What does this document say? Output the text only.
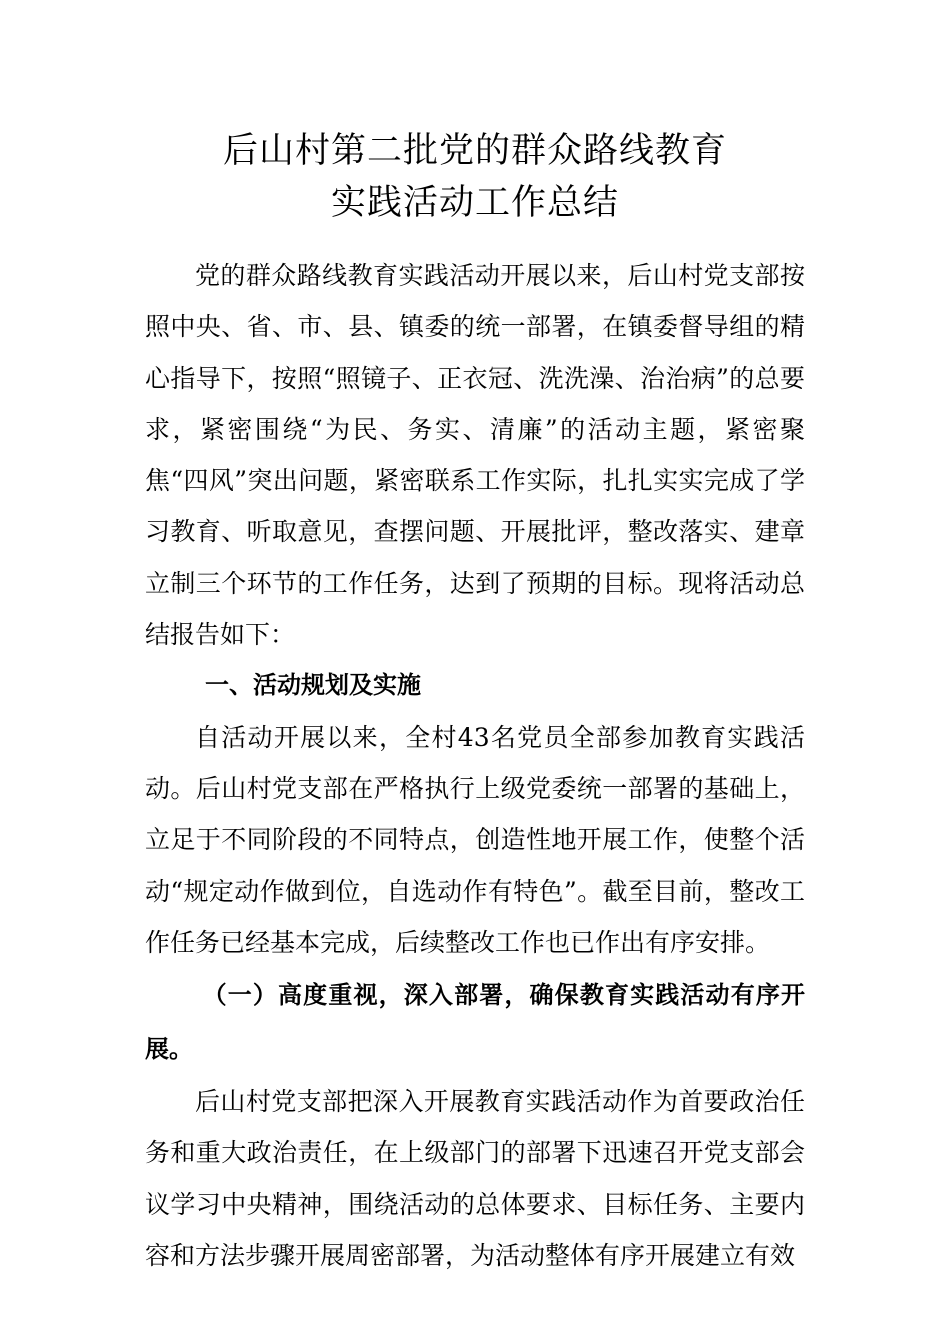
后山村第二批党的群众路线教育
实践活动工作总结

党的群众路线教育实践活动开展以来，后山村党支部按照中央、省、市、县、镇委的统一部署，在镇委督导组的精心指导下，按照“照镜子、正衣冠、洗洗澡、治治病”的总要求，紧密围绕“为民、务实、清廉”的活动主题，紧密聚焦“四风”突出问题，紧密联系工作实际，扎扎实实完成了学习教育、听取意见，查摆问题、开展批评，整改落实、建章立制三个环节的工作任务，达到了预期的目标。现将活动总结报告如下：

一、活动规划及实施

自活动开展以来，全村43名党员全部参加教育实践活动。后山村党支部在严格执行上级党委统一部署的基础上，立足于不同阶段的不同特点，创造性地开展工作，使整个活动“规定动作做到位，自选动作有特色”。截至目前，整改工作任务已经基本完成，后续整改工作也已作出有序安排。

（一）高度重视，深入部署，确保教育实践活动有序开展。

后山村党支部把深入开展教育实践活动作为首要政治任务和重大政治责任，在上级部门的部署下迅速召开党支部会议学习中央精神，围绕活动的总体要求、目标任务、主要内容和方法步骤开展周密部署，为活动整体有序开展建立有效
